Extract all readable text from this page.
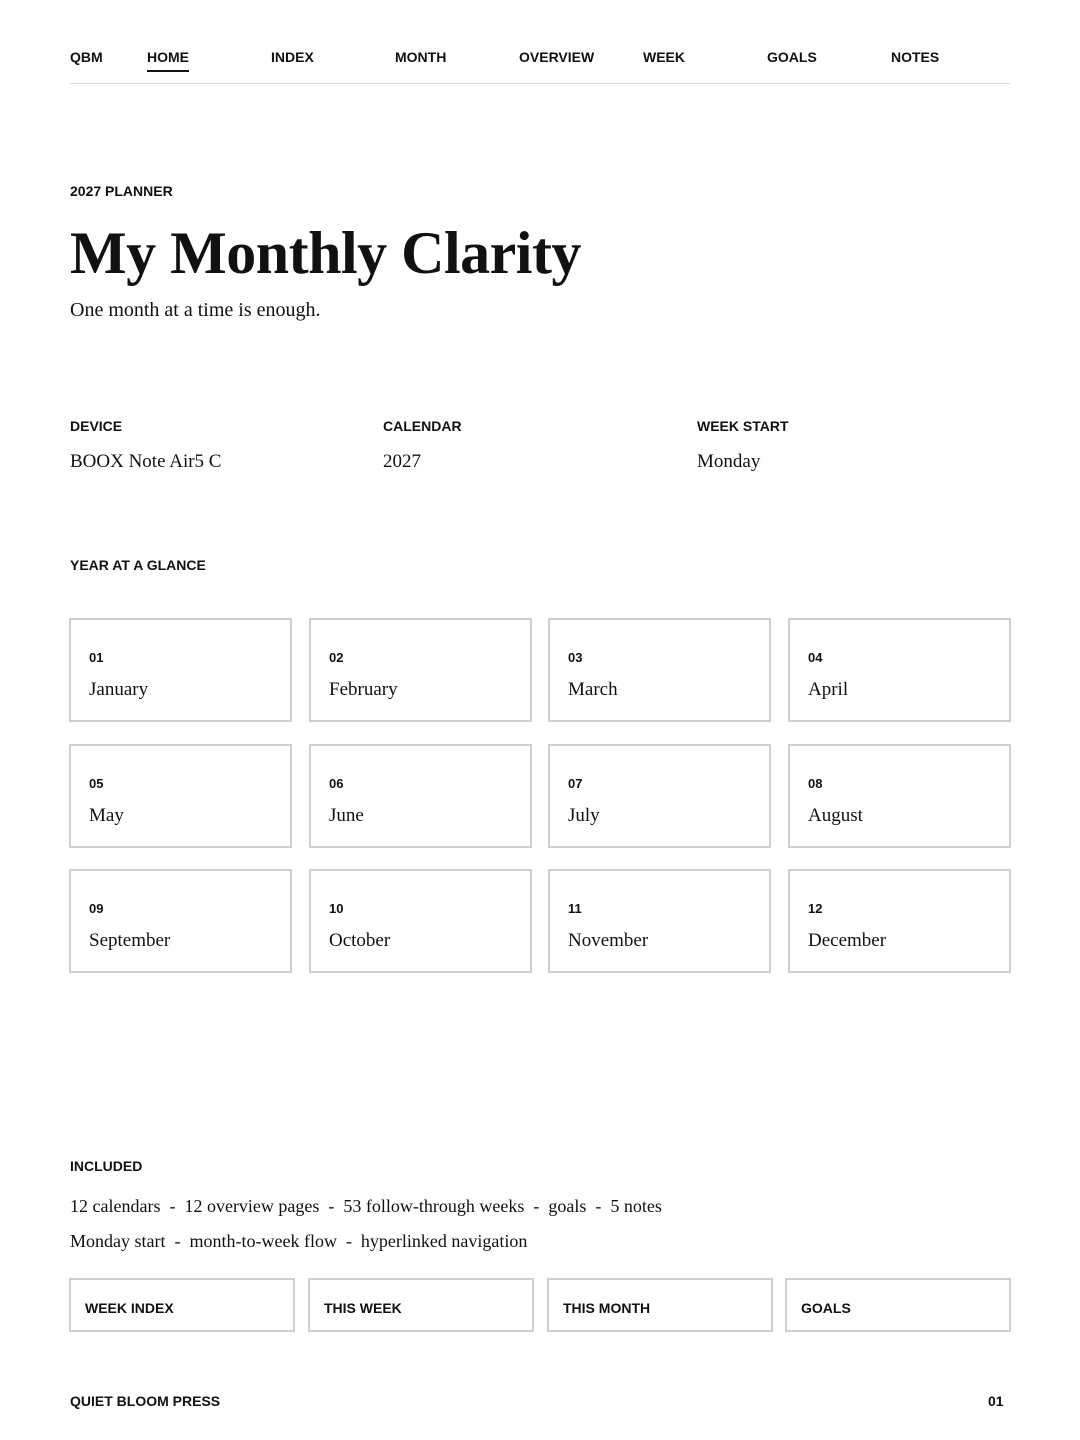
QBM	HOME	INDEX	MONTH	OVERVIEW	WEEK	GOALS	NOTES
2027 PLANNER
My Monthly Clarity
One month at a time is enough.
DEVICE
BOOX Note Air5 C
CALENDAR
2027
WEEK START
Monday
YEAR AT A GLANCE
01
January
02
February
03
March
04
April
05
May
06
June
07
July
08
August
09
September
10
October
11
November
12
December
INCLUDED
12 calendars  -  12 overview pages  -  53 follow-through weeks  -  goals  -  5 notes
Monday start  -  month-to-week flow  -  hyperlinked navigation
WEEK INDEX	THIS WEEK	THIS MONTH	GOALS
QUIET BLOOM PRESS	01
